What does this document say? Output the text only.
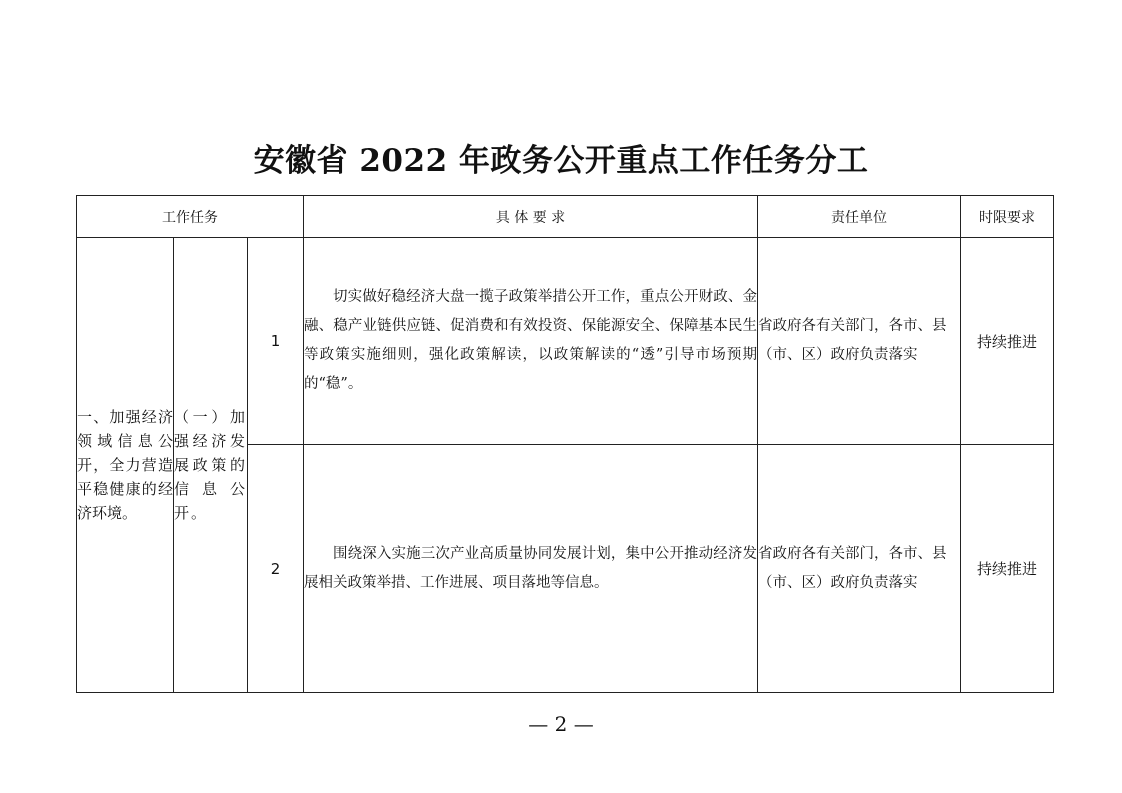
安徽省 2022 年政务公开重点工作任务分工
工作任务			具 体 要 求	责任单位	时限要求
一、加强经济领域信息公开，全力营造平稳健康的经济环境。	（一）加强经济发展政策的信息公开。	1	切实做好稳经济大盘一揽子政策举措公开工作，重点公开财政、金融、稳产业链供应链、促消费和有效投资、保能源安全、保障基本民生等政策实施细则，强化政策解读，以政策解读的“透”引导市场预期的“稳”。	省政府各有关部门，各市、县（市、区）政府负责落实	持续推进
		2	围绕深入实施三次产业高质量协同发展计划，集中公开推动经济发展相关政策举措、工作进展、项目落地等信息。	省政府各有关部门，各市、县（市、区）政府负责落实	持续推进
— 2 —
